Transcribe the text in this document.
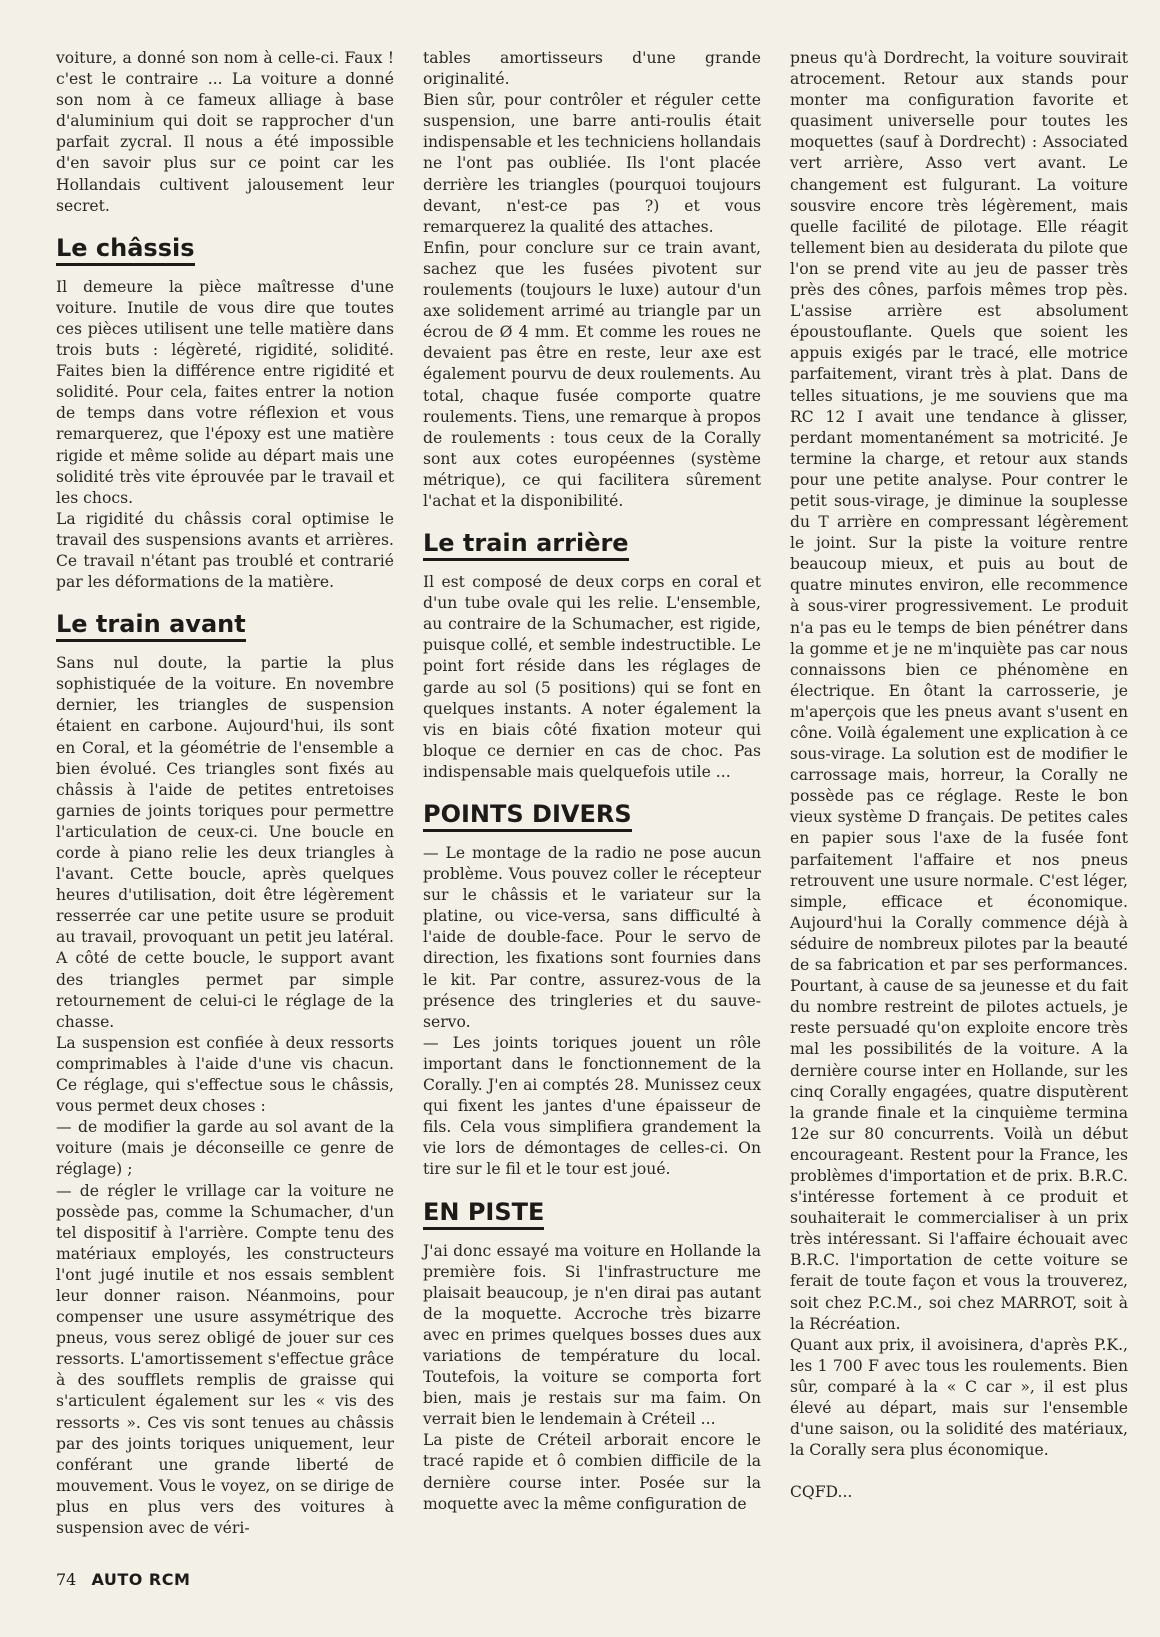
voiture, a donné son nom à celle-ci. Faux ! c'est le contraire ... La voiture a donné son nom à ce fameux alliage à base d'aluminium qui doit se rapprocher d'un parfait zycral. Il nous a été impossible d'en savoir plus sur ce point car les Hollandais cultivent jalousement leur secret.

Le châssis

Il demeure la pièce maîtresse d'une voiture. Inutile de vous dire que toutes ces pièces utilisent une telle matière dans trois buts : légèreté, rigidité, solidité. Faites bien la différence entre rigidité et solidité. Pour cela, faites entrer la notion de temps dans votre réflexion et vous remarquerez, que l'époxy est une matière rigide et même solide au départ mais une solidité très vite éprouvée par le travail et les chocs.

La rigidité du châssis coral optimise le travail des suspensions avants et arrières. Ce travail n'étant pas troublé et contrarié par les déformations de la matière.

Le train avant

Sans nul doute, la partie la plus sophistiquée de la voiture. En novembre dernier, les triangles de suspension étaient en carbone. Aujourd'hui, ils sont en Coral, et la géométrie de l'ensemble a bien évolué. Ces triangles sont fixés au châssis à l'aide de petites entretoises garnies de joints toriques pour permettre l'articulation de ceux-ci. Une boucle en corde à piano relie les deux triangles à l'avant. Cette boucle, après quelques heures d'utilisation, doit être légèrement resserrée car une petite usure se produit au travail, provoquant un petit jeu latéral. A côté de cette boucle, le support avant des triangles permet par simple retournement de celui-ci le réglage de la chasse.

La suspension est confiée à deux ressorts comprimables à l'aide d'une vis chacun. Ce réglage, qui s'effectue sous le châssis, vous permet deux choses :

— de modifier la garde au sol avant de la voiture (mais je déconseille ce genre de réglage) ;

— de régler le vrillage car la voiture ne possède pas, comme la Schumacher, d'un tel dispositif à l'arrière. Compte tenu des matériaux employés, les constructeurs l'ont jugé inutile et nos essais semblent leur donner raison. Néanmoins, pour compenser une usure assymétrique des pneus, vous serez obligé de jouer sur ces ressorts. L'amortissement s'effectue grâce à des soufflets remplis de graisse qui s'articulent également sur les « vis des ressorts ». Ces vis sont tenues au châssis par des joints toriques uniquement, leur conférant une grande liberté de mouvement. Vous le voyez, on se dirige de plus en plus vers des voitures à suspension avec de véri-

tables amortisseurs d'une grande originalité.

Bien sûr, pour contrôler et réguler cette suspension, une barre anti-roulis était indispensable et les techniciens hollandais ne l'ont pas oubliée. Ils l'ont placée derrière les triangles (pourquoi toujours devant, n'est-ce pas ?) et vous remarquerez la qualité des attaches.

Enfin, pour conclure sur ce train avant, sachez que les fusées pivotent sur roulements (toujours le luxe) autour d'un axe solidement arrimé au triangle par un écrou de Ø 4 mm. Et comme les roues ne devaient pas être en reste, leur axe est également pourvu de deux roulements. Au total, chaque fusée comporte quatre roulements. Tiens, une remarque à propos de roulements : tous ceux de la Corally sont aux cotes européennes (système métrique), ce qui facilitera sûrement l'achat et la disponibilité.

Le train arrière

Il est composé de deux corps en coral et d'un tube ovale qui les relie. L'ensemble, au contraire de la Schumacher, est rigide, puisque collé, et semble indestructible. Le point fort réside dans les réglages de garde au sol (5 positions) qui se font en quelques instants. A noter également la vis en biais côté fixation moteur qui bloque ce dernier en cas de choc. Pas indispensable mais quelquefois utile ...

POINTS DIVERS

— Le montage de la radio ne pose aucun problème. Vous pouvez coller le récepteur sur le châssis et le variateur sur la platine, ou vice-versa, sans difficulté à l'aide de double-face. Pour le servo de direction, les fixations sont fournies dans le kit. Par contre, assurez-vous de la présence des tringleries et du sauve-servo.

— Les joints toriques jouent un rôle important dans le fonctionnement de la Corally. J'en ai comptés 28. Munissez ceux qui fixent les jantes d'une épaisseur de fils. Cela vous simplifiera grandement la vie lors de démontages de celles-ci. On tire sur le fil et le tour est joué.

EN PISTE

J'ai donc essayé ma voiture en Hollande la première fois. Si l'infrastructure me plaisait beaucoup, je n'en dirai pas autant de la moquette. Accroche très bizarre avec en primes quelques bosses dues aux variations de température du local. Toutefois, la voiture se comporta fort bien, mais je restais sur ma faim. On verrait bien le lendemain à Créteil ...

La piste de Créteil arborait encore le tracé rapide et ô combien difficile de la dernière course inter. Posée sur la moquette avec la même configuration de

pneus qu'à Dordrecht, la voiture souvirait atrocement. Retour aux stands pour monter ma configuration favorite et quasiment universelle pour toutes les moquettes (sauf à Dordrecht) : Associated vert arrière, Asso vert avant. Le changement est fulgurant. La voiture sousvire encore très légèrement, mais quelle facilité de pilotage. Elle réagit tellement bien au desiderata du pilote que l'on se prend vite au jeu de passer très près des cônes, parfois mêmes trop pès. L'assise arrière est absolument époustouflante. Quels que soient les appuis exigés par le tracé, elle motrice parfaitement, virant très à plat. Dans de telles situations, je me souviens que ma RC 12 I avait une tendance à glisser, perdant momentanément sa motricité. Je termine la charge, et retour aux stands pour une petite analyse. Pour contrer le petit sous-virage, je diminue la souplesse du T arrière en compressant légèrement le joint. Sur la piste la voiture rentre beaucoup mieux, et puis au bout de quatre minutes environ, elle recommence à sous-virer progressivement. Le produit n'a pas eu le temps de bien pénétrer dans la gomme et je ne m'inquiète pas car nous connaissons bien ce phénomène en électrique. En ôtant la carrosserie, je m'aperçois que les pneus avant s'usent en cône. Voilà également une explication à ce sous-virage. La solution est de modifier le carrossage mais, horreur, la Corally ne possède pas ce réglage. Reste le bon vieux système D français. De petites cales en papier sous l'axe de la fusée font parfaitement l'affaire et nos pneus retrouvent une usure normale. C'est léger, simple, efficace et économique. Aujourd'hui la Corally commence déjà à séduire de nombreux pilotes par la beauté de sa fabrication et par ses performances. Pourtant, à cause de sa jeunesse et du fait du nombre restreint de pilotes actuels, je reste persuadé qu'on exploite encore très mal les possibilités de la voiture. A la dernière course inter en Hollande, sur les cinq Corally engagées, quatre disputèrent la grande finale et la cinquième termina 12e sur 80 concurrents. Voilà un début encourageant. Restent pour la France, les problèmes d'importation et de prix. B.R.C. s'intéresse fortement à ce produit et souhaiterait le commercialiser à un prix très intéressant. Si l'affaire échouait avec B.R.C. l'importation de cette voiture se ferait de toute façon et vous la trouverez, soit chez P.C.M., soi chez MARROT, soit à la Récréation.

Quant aux prix, il avoisinera, d'après P.K., les 1 700 F avec tous les roulements. Bien sûr, comparé à la « C car », il est plus élevé au départ, mais sur l'ensemble d'une saison, ou la solidité des matériaux, la Corally sera plus économique.

CQFD...

74 AUTO RCM
